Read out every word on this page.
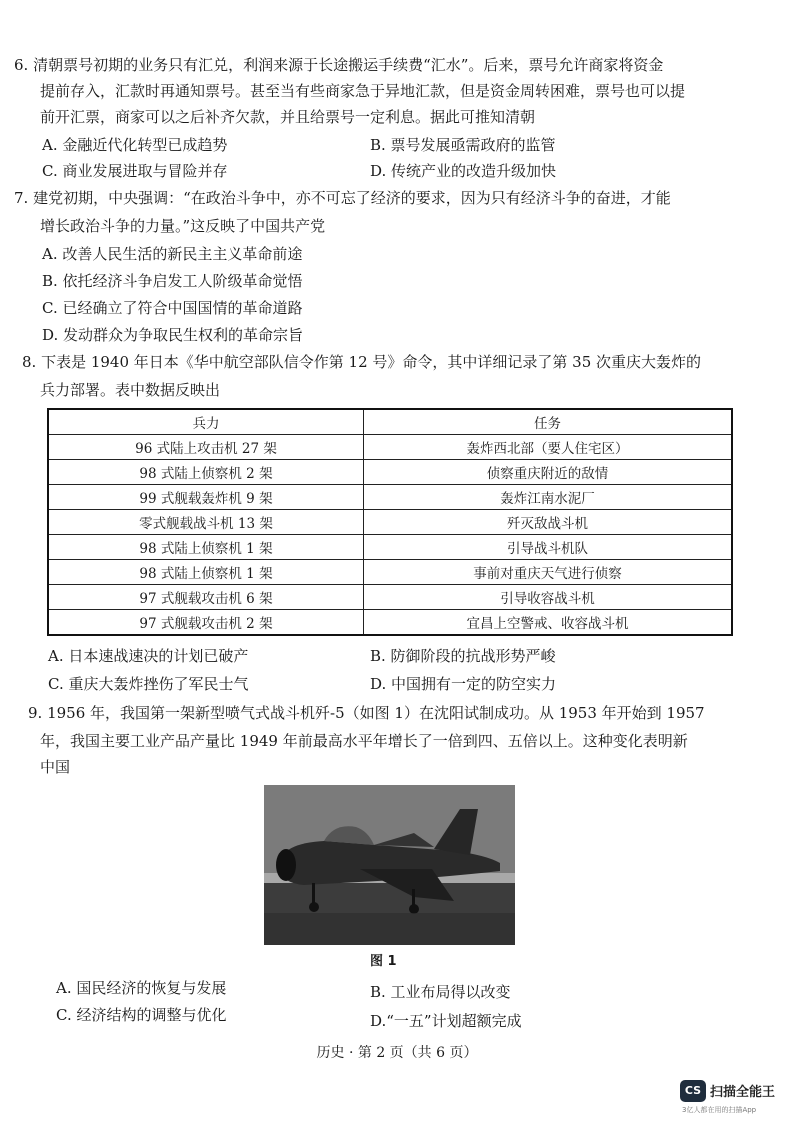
6. 清朝票号初期的业务只有汇兑，利润来源于长途搬运手续费“汇水”。后来，票号允许商家将资金
提前存入，汇款时再通知票号。甚至当有些商家急于异地汇款，但是资金周转困难，票号也可以提
前开汇票，商家可以之后补齐欠款，并且给票号一定利息。据此可推知清朝
A. 金融近代化转型已成趋势	B. 票号发展亟需政府的监管
C. 商业发展进取与冒险并存	D. 传统产业的改造升级加快
7. 建党初期，中央强调：“在政治斗争中，亦不可忘了经济的要求，因为只有经济斗争的奋进，才能
增长政治斗争的力量。”这反映了中国共产党
A. 改善人民生活的新民主主义革命前途
B. 依托经济斗争启发工人阶级革命觉悟
C. 已经确立了符合中国国情的革命道路
D. 发动群众为争取民生权利的革命宗旨
8. 下表是 1940 年日本《华中航空部队信令作第 12 号》命令，其中详细记录了第 35 次重庆大轰炸的
兵力部署。表中数据反映出
兵力	任务
96 式陆上攻击机 27 架	轰炸西北部（要人住宅区）
98 式陆上侦察机 2 架	侦察重庆附近的敌情
99 式舰载轰炸机 9 架	轰炸江南水泥厂
零式舰载战斗机 13 架	歼灭敌战斗机
98 式陆上侦察机 1 架	引导战斗机队
98 式陆上侦察机 1 架	事前对重庆天气进行侦察
97 式舰载攻击机 6 架	引导收容战斗机
97 式舰载攻击机 2 架	宜昌上空警戒、收容战斗机
A. 日本速战速决的计划已破产	B. 防御阶段的抗战形势严峻
C. 重庆大轰炸挫伤了军民士气	D. 中国拥有一定的防空实力
9. 1956 年，我国第一架新型喷气式战斗机歼-5（如图 1）在沈阳试制成功。从 1953 年开始到 1957
年，我国主要工业产品产量比 1949 年前最高水平年增长了一倍到四、五倍以上。这种变化表明新
中国
图 1
A. 国民经济的恢复与发展	B. 工业布局得以改变
C. 经济结构的调整与优化	D.“一五”计划超额完成
历史 · 第 2 页（共 6 页）
CS 扫描全能王
3亿人都在用的扫描App
